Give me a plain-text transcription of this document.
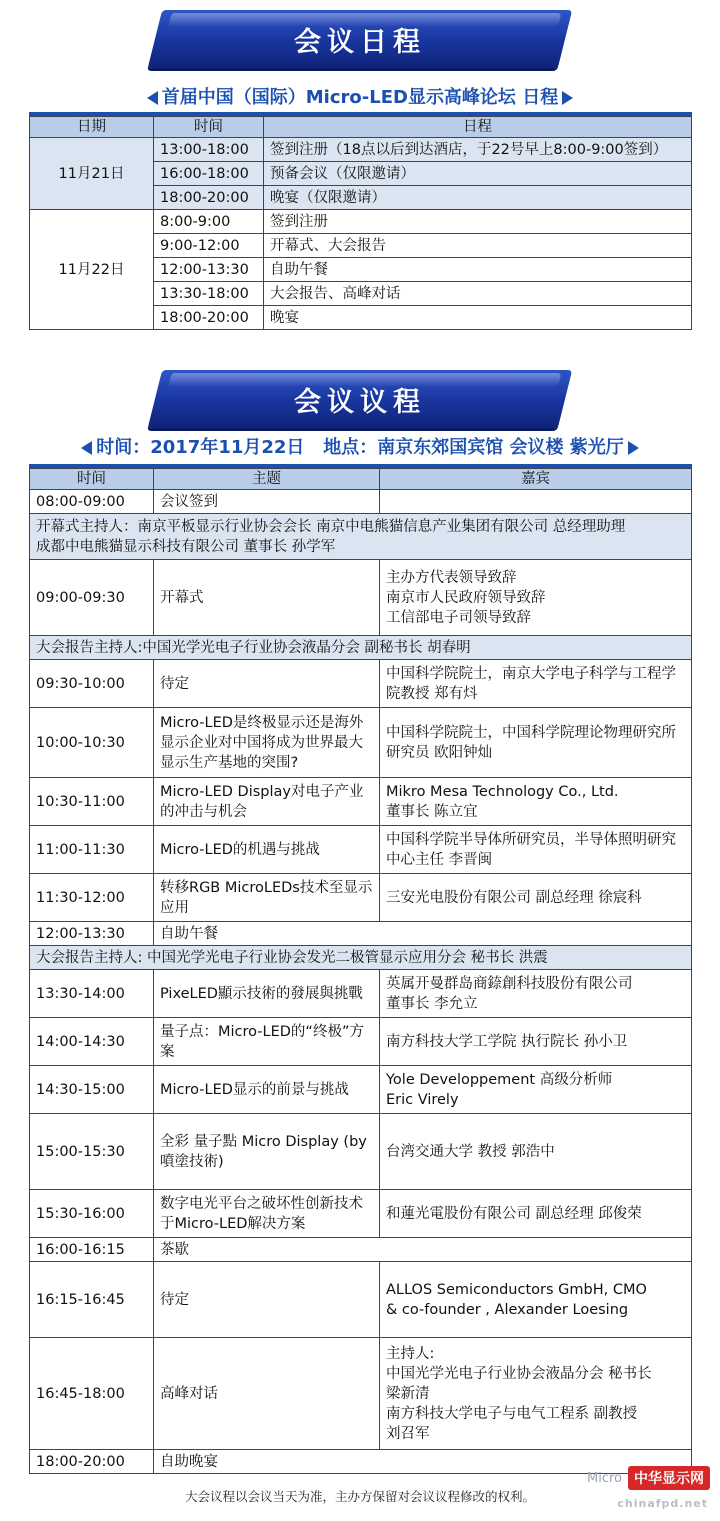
会议日程
首届中国（国际）Micro-LED显示高峰论坛 日程
日期	时间	日程
11月21日	13:00-18:00	签到注册（18点以后到达酒店，于22号早上8:00-9:00签到）
	16:00-18:00	预备会议（仅限邀请）
	18:00-20:00	晚宴（仅限邀请）
11月22日	8:00-9:00	签到注册
	9:00-12:00	开幕式、大会报告
	12:00-13:30	自助午餐
	13:30-18:00	大会报告、高峰对话
	18:00-20:00	晚宴
会议议程
时间：2017年11月22日   地点：南京东郊国宾馆 会议楼 紫光厅
时间	主题	嘉宾
08:00-09:00	会议签到	
开幕式主持人：南京平板显示行业协会会长 南京中电熊猫信息产业集团有限公司 总经理助理
成都中电熊猫显示科技有限公司 董事长 孙学军		
09:00-09:30	开幕式	主办方代表领导致辞
南京市人民政府领导致辞
工信部电子司领导致辞
大会报告主持人:中国光学光电子行业协会液晶分会 副秘书长 胡春明		
09:30-10:00	待定	中国科学院院士，南京大学电子科学与工程学院教授 郑有炓
10:00-10:30	Micro-LED是终极显示还是海外显示企业对中国将成为世界最大显示生产基地的突围?	中国科学院院士，中国科学院理论物理研究所研究员 欧阳钟灿
10:30-11:00	Micro-LED Display对电子产业的冲击与机会	Mikro Mesa Technology Co., Ltd.
董事长 陈立宜
11:00-11:30	Micro-LED的机遇与挑战	中国科学院半导体所研究员，半导体照明研究中心主任 李晋闽
11:30-12:00	转移RGB MicroLEDs技术至显示应用	三安光电股份有限公司 副总经理 徐宸科
12:00-13:30	自助午餐	
大会报告主持人: 中国光学光电子行业协会发光二极管显示应用分会 秘书长 洪震		
13:30-14:00	PixeLED顯示技術的發展與挑戰	英属开曼群岛商錼創科技股份有限公司
董事长 李允立
14:00-14:30	量子点：Micro-LED的“终极”方案	南方科技大学工学院 执行院长 孙小卫
14:30-15:00	Micro-LED显示的前景与挑战	Yole Developpement 高级分析师
Eric Virely
15:00-15:30	全彩 量子點 Micro Display (by 噴塗技術)	台湾交通大学 教授 郭浩中
15:30-16:00	数字电光平台之破坏性创新技术于Micro-LED解决方案	和蓮光電股份有限公司 副总经理 邱俊荣
16:00-16:15	茶歇	
16:15-16:45	待定	ALLOS Semiconductors GmbH, CMO
& co-founder , Alexander Loesing
16:45-18:00	高峰对话	主持人:
中国光学光电子行业协会液晶分会 秘书长
梁新清
南方科技大学电子与电气工程系 副教授
刘召军
18:00-20:00	自助晚宴	
Micro 中华显示网
chinafpd.net
大会议程以会议当天为准，主办方保留对会议议程修改的权利。
